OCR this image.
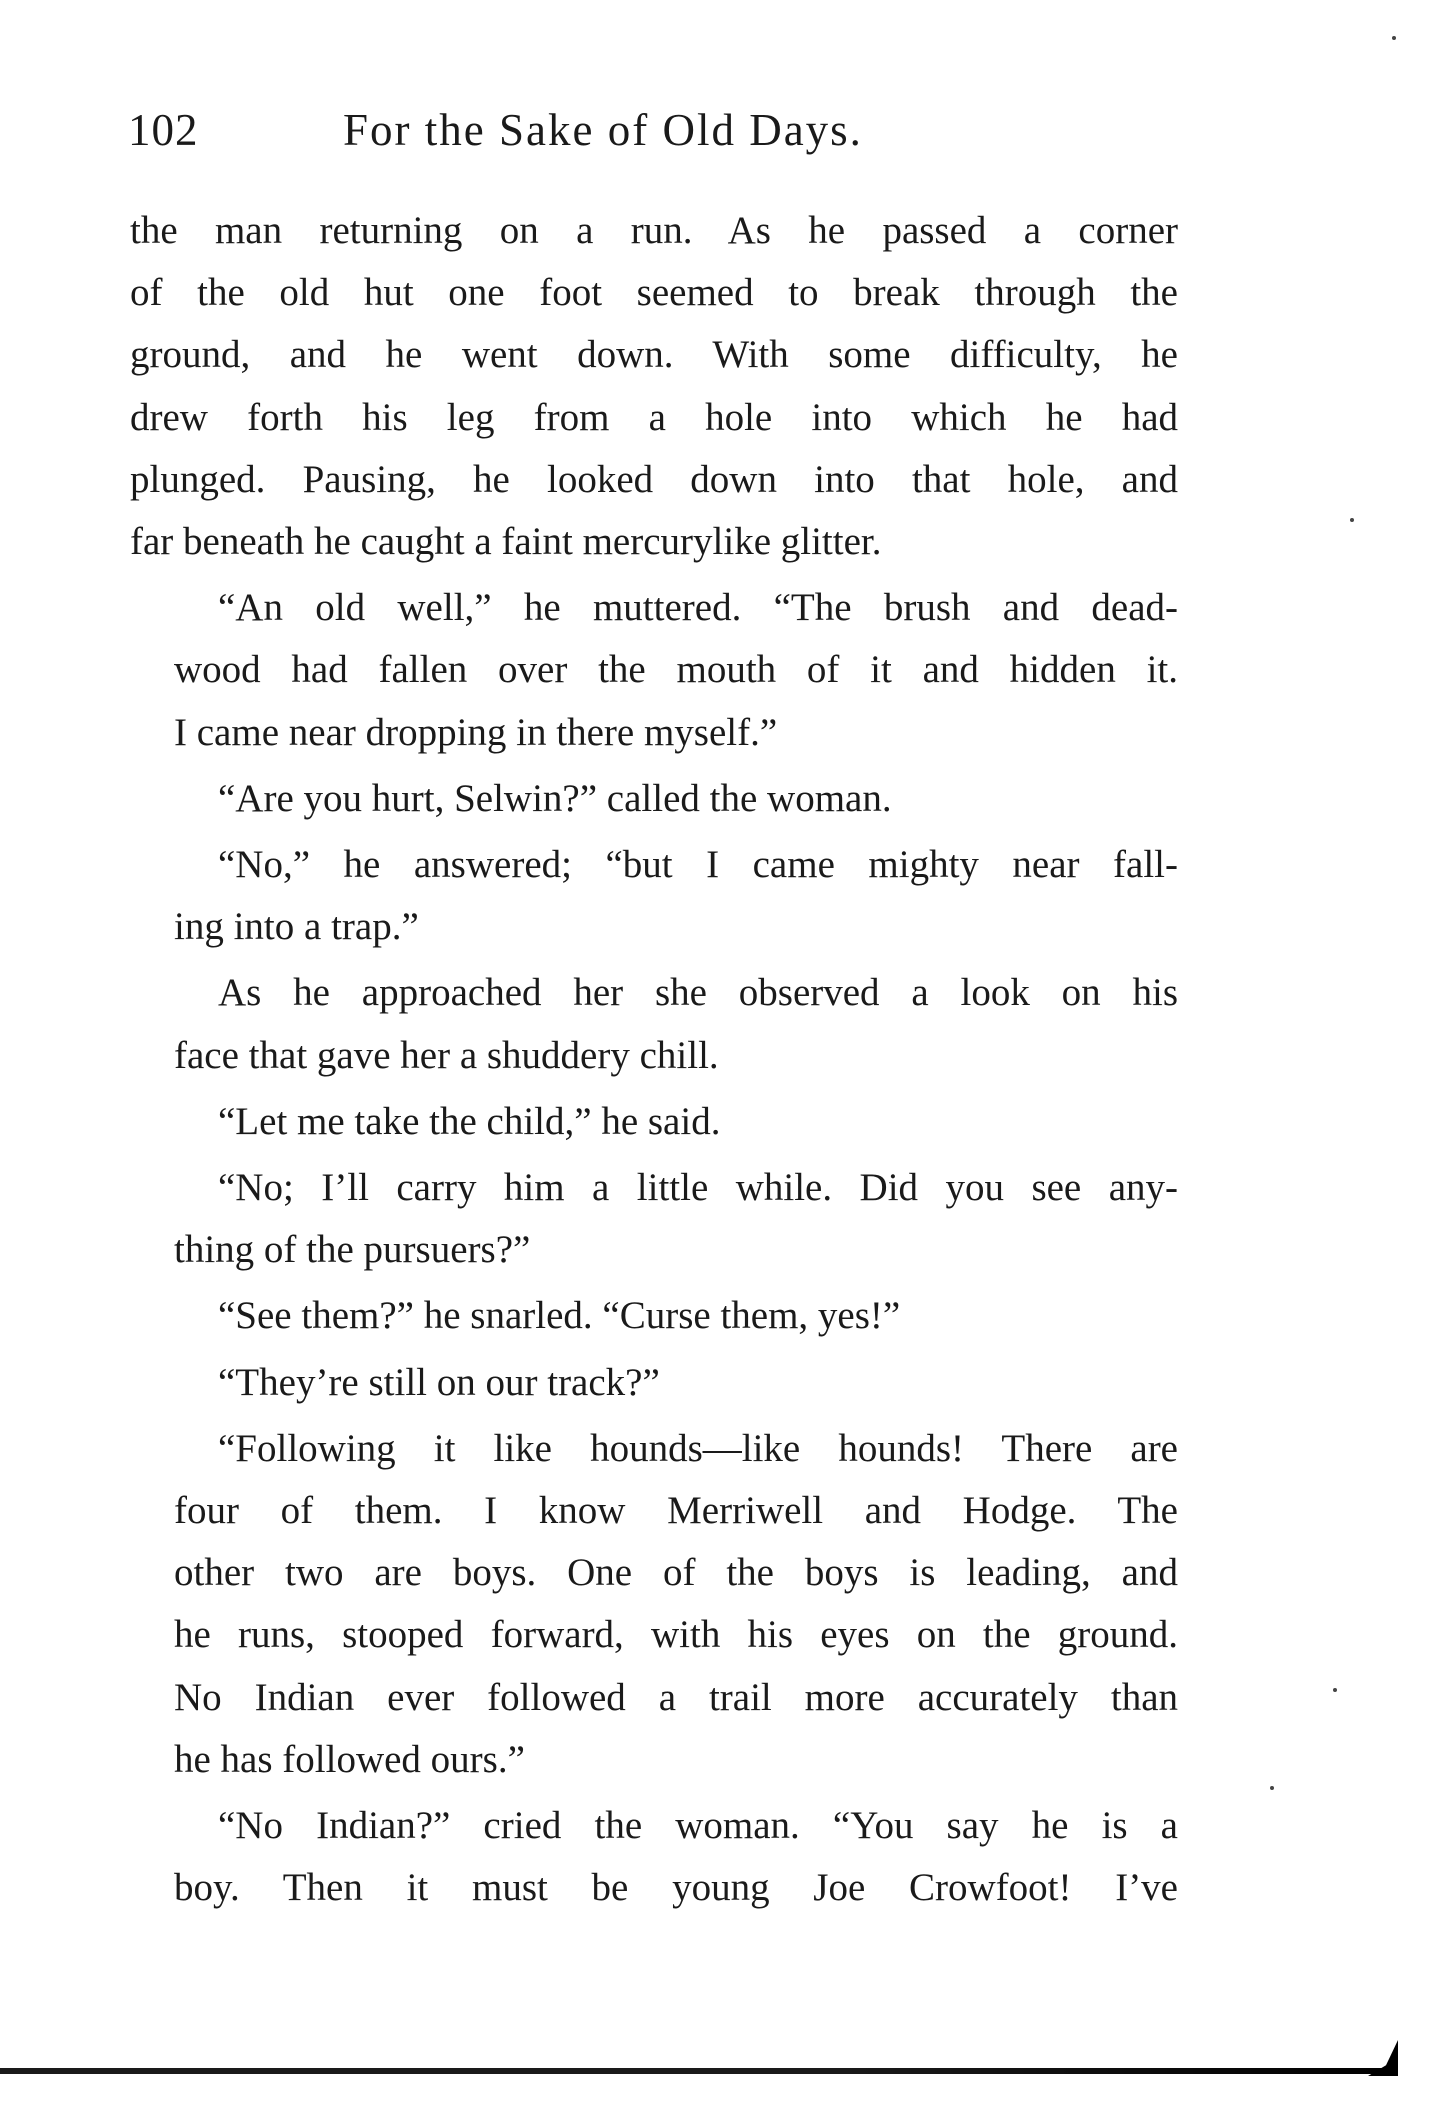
102	For the Sake of Old Days.
the man returning on a run. As he passed a corner
of the old hut one foot seemed to break through the
ground, and he went down. With some difficulty, he
drew forth his leg from a hole into which he had
plunged. Pausing, he looked down into that hole, and
far beneath he caught a faint mercurylike glitter.
“An old well,” he muttered. “The brush and dead-
wood had fallen over the mouth of it and hidden it.
I came near dropping in there myself.”
“Are you hurt, Selwin?” called the woman.
“No,” he answered; “but I came mighty near fall-
ing into a trap.”
As he approached her she observed a look on his
face that gave her a shuddery chill.
“Let me take the child,” he said.
“No; I’ll carry him a little while. Did you see any-
thing of the pursuers?”
“See them?” he snarled. “Curse them, yes!”
“They’re still on our track?”
“Following it like hounds—like hounds! There are
four of them. I know Merriwell and Hodge. The
other two are boys. One of the boys is leading, and
he runs, stooped forward, with his eyes on the ground.
No Indian ever followed a trail more accurately than
he has followed ours.”
“No Indian?” cried the woman. “You say he is a
boy. Then it must be young Joe Crowfoot! I’ve
